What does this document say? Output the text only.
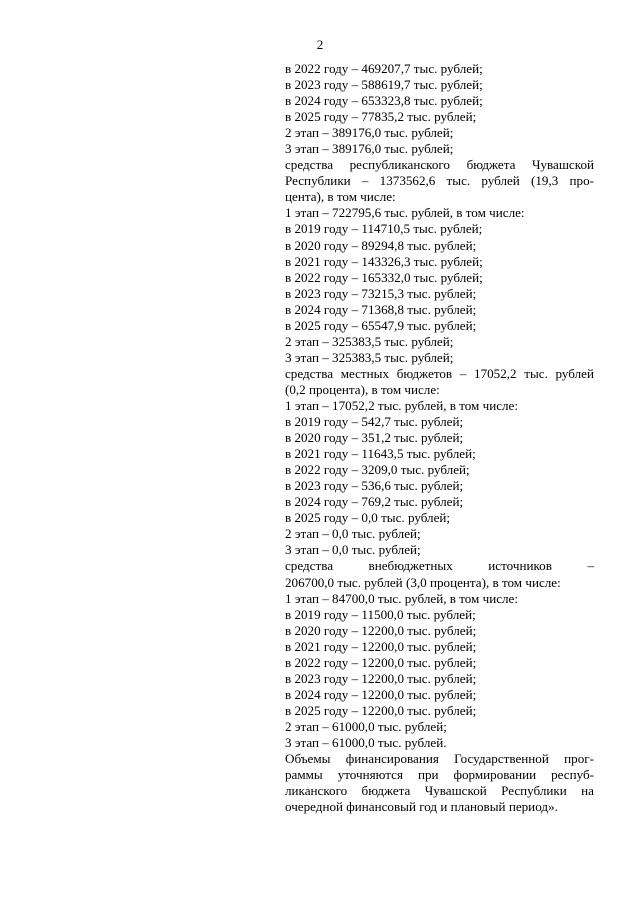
2
в 2022 году – 469207,7 тыс. рублей;
в 2023 году – 588619,7 тыс. рублей;
в 2024 году – 653323,8 тыс. рублей;
в 2025 году – 77835,2 тыс. рублей;
2 этап – 389176,0 тыс. рублей;
3 этап – 389176,0 тыс. рублей;
средства республиканского бюджета Чувашской
Республики – 1373562,6 тыс. рублей (19,3 про-
цента), в том числе:
1 этап – 722795,6 тыс. рублей, в том числе:
в 2019 году – 114710,5 тыс. рублей;
в 2020 году – 89294,8 тыс. рублей;
в 2021 году – 143326,3 тыс. рублей;
в 2022 году – 165332,0 тыс. рублей;
в 2023 году – 73215,3 тыс. рублей;
в 2024 году – 71368,8 тыс. рублей;
в 2025 году – 65547,9 тыс. рублей;
2 этап – 325383,5 тыс. рублей;
3 этап – 325383,5 тыс. рублей;
средства местных бюджетов – 17052,2 тыс. рублей
(0,2 процента), в том числе:
1 этап – 17052,2 тыс. рублей, в том числе:
в 2019 году – 542,7 тыс. рублей;
в 2020 году – 351,2 тыс. рублей;
в 2021 году – 11643,5 тыс. рублей;
в 2022 году – 3209,0 тыс. рублей;
в 2023 году – 536,6 тыс. рублей;
в 2024 году – 769,2 тыс. рублей;
в 2025 году – 0,0 тыс. рублей;
2 этап – 0,0 тыс. рублей;
3 этап – 0,0 тыс. рублей;
средства внебюджетных источников –
206700,0 тыс. рублей (3,0 процента), в том числе:
1 этап – 84700,0 тыс. рублей, в том числе:
в 2019 году – 11500,0 тыс. рублей;
в 2020 году – 12200,0 тыс. рублей;
в 2021 году – 12200,0 тыс. рублей;
в 2022 году – 12200,0 тыс. рублей;
в 2023 году – 12200,0 тыс. рублей;
в 2024 году – 12200,0 тыс. рублей;
в 2025 году – 12200,0 тыс. рублей;
2 этап – 61000,0 тыс. рублей;
3 этап – 61000,0 тыс. рублей.
Объемы финансирования Государственной прог-
раммы уточняются при формировании респуб-
ликанского бюджета Чувашской Республики на
очередной финансовый год и плановый период».
